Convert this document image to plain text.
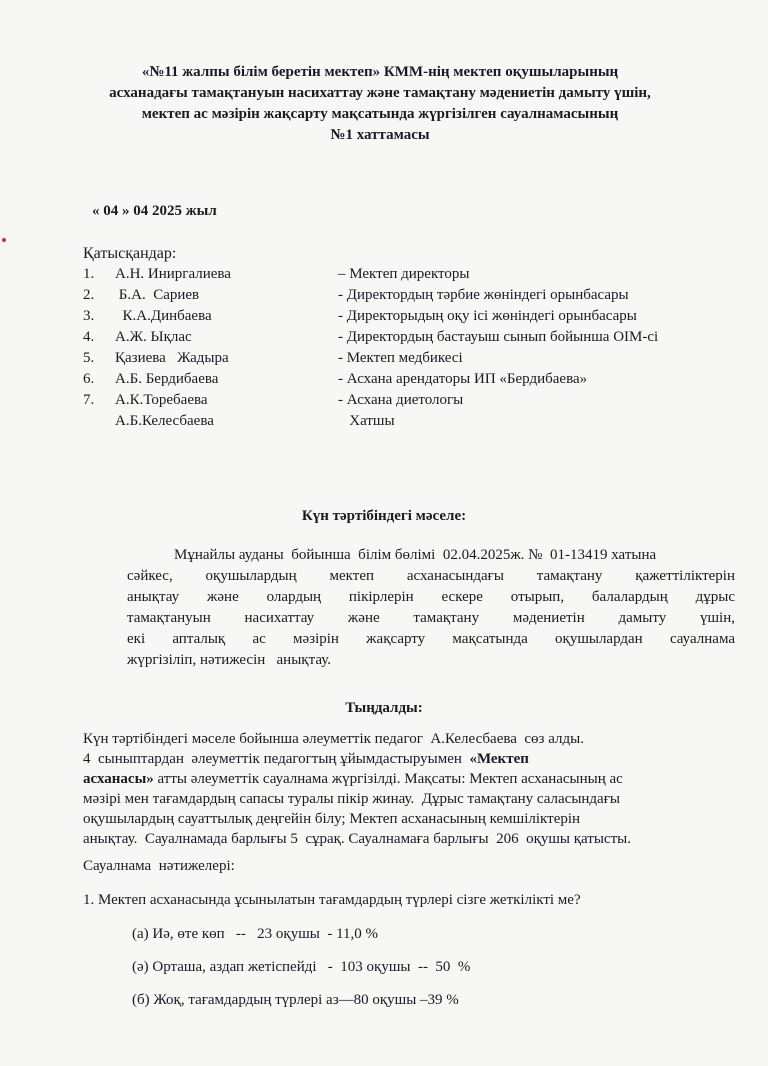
«№11 жалпы білім беретін мектеп» КММ-нің мектеп оқушыларының
асханадағы тамақтануын насихаттау және тамақтану мәдениетін дамыту үшін,
мектеп ас мәзірін жақсарту мақсатында жүргізілген сауалнамасының
№1 хаттамасы
« 04 » 04 2025 жыл
Қатысқандар:
1. А.Н. Иниргалиева	– Мектеп директоры
2. Б.А.  Сариев	- Директордың тәрбие жөніндегі орынбасары
3. К.А.Динбаева	- Директорыдың оқу ісі жөніндегі орынбасары
4. А.Ж. Ықлас	- Директордың бастауыш сынып бойынша ОІМ-сі
5. Қазиева   Жадыра	- Мектеп медбикесі
6. А.Б. Бердибаева	- Асхана арендаторы ИП «Бердибаева»
7. А.К.Торебаева	- Асхана диетологы
А.Б.Келесбаева	Хатшы
Күн тәртібіндегі мәселе:
Мұнайлы ауданы  бойынша  білім бөлімі  02.04.2025ж. №  01-13419 хатына
сәйкес, оқушылардың мектеп асханасындағы тамақтану қажеттіліктерін
анықтау және олардың пікірлерін ескере отырып, балалардың дұрыс
тамақтануын насихаттау және тамақтану мәдениетін дамыту үшін,
екі апталық ас мәзірін жақсарту мақсатында оқушылардан сауалнама
жүргізіліп, нәтижесін   анықтау.
Тыңдалды:
Күн тәртібіндегі мәселе бойынша әлеуметтік педагог  А.Келесбаева  сөз алды.
4  сыныптардан  әлеуметтік педагогтың ұйымдастыруымен  «Мектеп
асханасы» атты әлеуметтік сауалнама жүргізілді. Мақсаты: Мектеп асханасының ас
мәзірі мен тағамдардың сапасы туралы пікір жинау.  Дұрыс тамақтану саласындағы
оқушылардың сауаттылық деңгейін білу; Мектеп асханасының кемшіліктерін
анықтау.  Сауалнамада барлығы 5  сұрақ. Сауалнамаға барлығы  206  оқушы қатысты.
Сауалнама  нәтижелері:
1. Мектеп асханасында ұсынылатын тағамдардың түрлері сізге жеткілікті ме?
(а) Иә, өте көп   --   23 оқушы  - 11,0 %
(ә) Орташа, аздап жетіспейді   -  103 оқушы  --  50  %
(б) Жоқ, тағамдардың түрлері аз—80 оқушы –39 %
